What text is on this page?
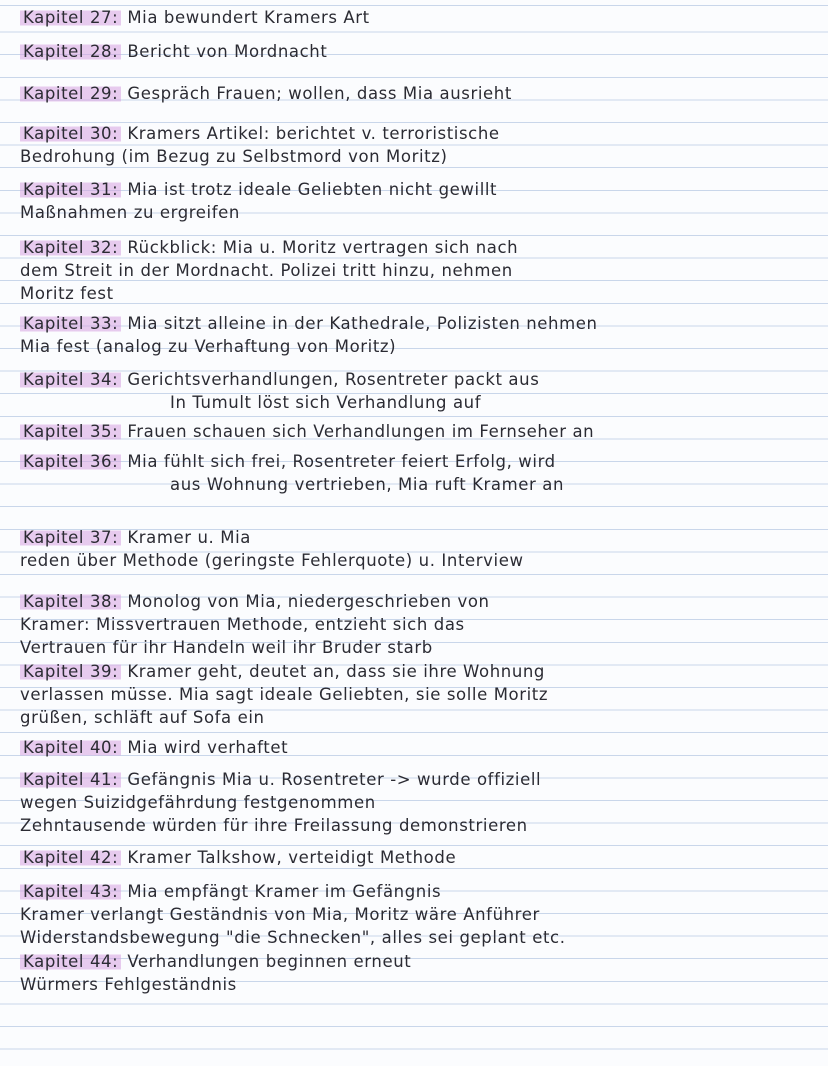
Kapitel 27: Mia bewundert Kramers Art
Kapitel 28: Bericht von Mordnacht
Kapitel 29: Gespräch Frauen; wollen, dass Mia ausrieht
Kapitel 30: Kramers Artikel: berichtet v. terroristische
Bedrohung (im Bezug zu Selbstmord von Moritz)
Kapitel 31: Mia ist trotz ideale Geliebten nicht gewillt
Maßnahmen zu ergreifen
Kapitel 32: Rückblick: Mia u. Moritz vertragen sich nach
dem Streit in der Mordnacht. Polizei tritt hinzu, nehmen
Moritz fest
Kapitel 33: Mia sitzt alleine in der Kathedrale, Polizisten nehmen
Mia fest (analog zu Verhaftung von Moritz)
Kapitel 34: Gerichtsverhandlungen, Rosentreter packt aus
In Tumult löst sich Verhandlung auf
Kapitel 35: Frauen schauen sich Verhandlungen im Fernseher an
Kapitel 36: Mia fühlt sich frei, Rosentreter feiert Erfolg, wird
aus Wohnung vertrieben, Mia ruft Kramer an
Kapitel 37: Kramer u. Mia
reden über Methode (geringste Fehlerquote) u. Interview
Kapitel 38: Monolog von Mia, niedergeschrieben von
Kramer: Missvertrauen Methode, entzieht sich das
Vertrauen für ihr Handeln weil ihr Bruder starb
Kapitel 39: Kramer geht, deutet an, dass sie ihre Wohnung
verlassen müsse. Mia sagt ideale Geliebten, sie solle Moritz
grüßen, schläft auf Sofa ein
Kapitel 40: Mia wird verhaftet
Kapitel 41: Gefängnis Mia u. Rosentreter -> wurde offiziell
wegen Suizidgefährdung festgenommen
Zehntausende würden für ihre Freilassung demonstrieren
Kapitel 42: Kramer Talkshow, verteidigt Methode
Kapitel 43: Mia empfängt Kramer im Gefängnis
Kramer verlangt Geständnis von Mia, Moritz wäre Anführer
Widerstandsbewegung "die Schnecken", alles sei geplant etc.
Kapitel 44: Verhandlungen beginnen erneut
Würmers Fehlgeständnis
